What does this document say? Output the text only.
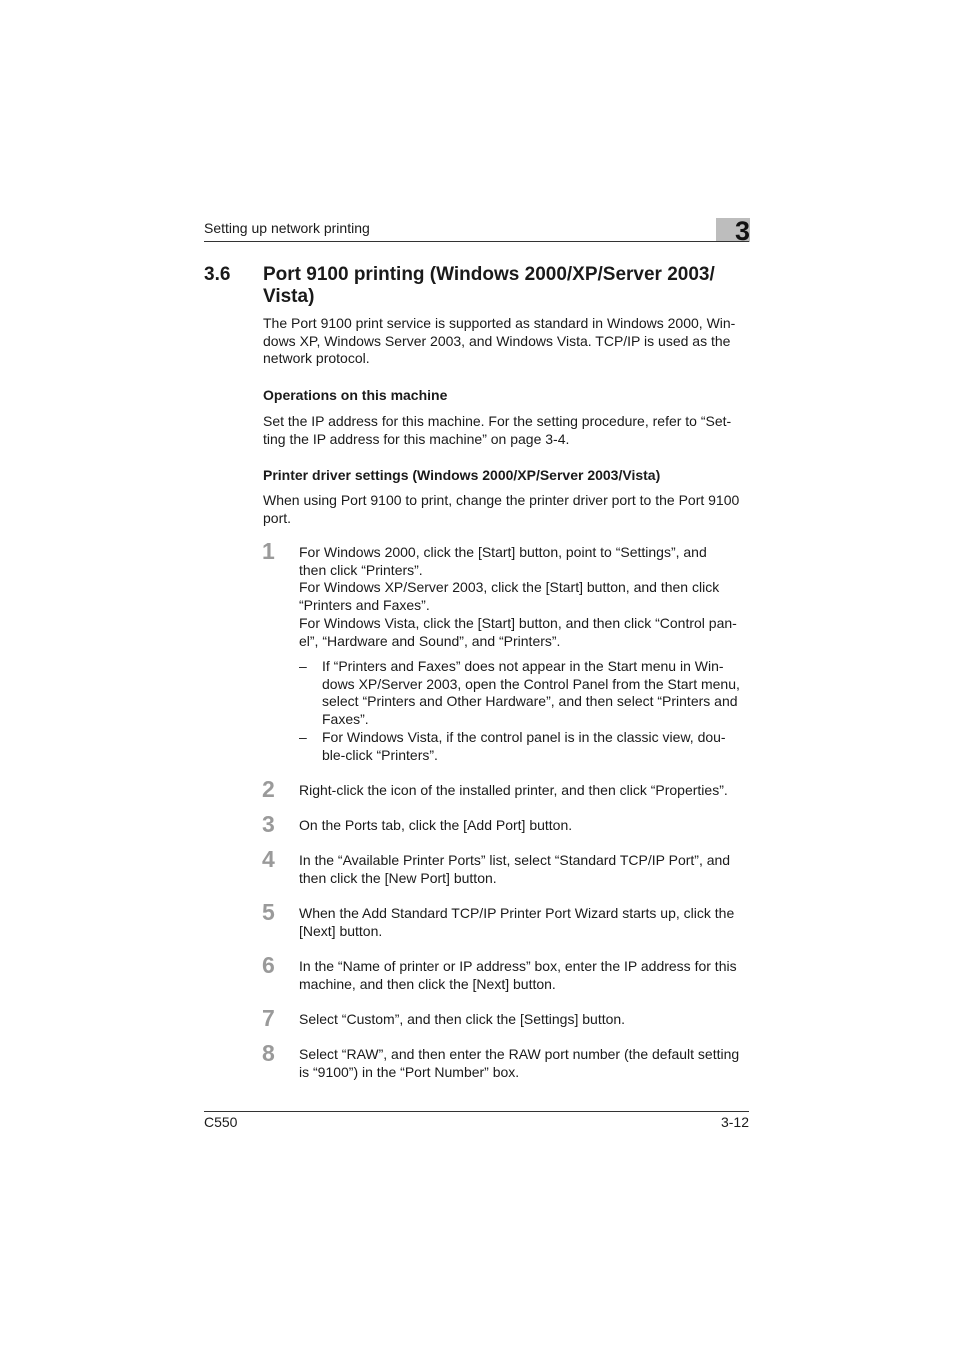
Setting up network printing	3
3.6 Port 9100 printing (Windows 2000/XP/Server 2003/

Vista)

The Port 9100 print service is supported as standard in Windows 2000, Win-

dows XP, Windows Server 2003, and Windows Vista. TCP/IP is used as the

network protocol.

Operations on this machine

Set the IP address for this machine. For the setting procedure, refer to “Set-

ting the IP address for this machine” on page 3-4.

Printer driver settings (Windows 2000/XP/Server 2003/Vista)

When using Port 9100 to print, change the printer driver port to the Port 9100

port.

1 For Windows 2000, click the [Start] button, point to “Settings”, and

then click “Printers”.

For Windows XP/Server 2003, click the [Start] button, and then click

“Printers and Faxes”.

For Windows Vista, click the [Start] button, and then click “Control pan-

el”, “Hardware and Sound”, and “Printers”.

– If “Printers and Faxes” does not appear in the Start menu in Win-

dows XP/Server 2003, open the Control Panel from the Start menu,

select “Printers and Other Hardware”, and then select “Printers and

Faxes”.

– For Windows Vista, if the control panel is in the classic view, dou-

ble-click “Printers”.

2 Right-click the icon of the installed printer, and then click “Properties”.

3 On the Ports tab, click the [Add Port] button.

4 In the “Available Printer Ports” list, select “Standard TCP/IP Port”, and

then click the [New Port] button.

5 When the Add Standard TCP/IP Printer Port Wizard starts up, click the

[Next] button.

6 In the “Name of printer or IP address” box, enter the IP address for this

machine, and then click the [Next] button.

7 Select “Custom”, and then click the [Settings] button.

8 Select “RAW”, and then enter the RAW port number (the default setting

is “9100”) in the “Port Number” box.

C550	3-12
